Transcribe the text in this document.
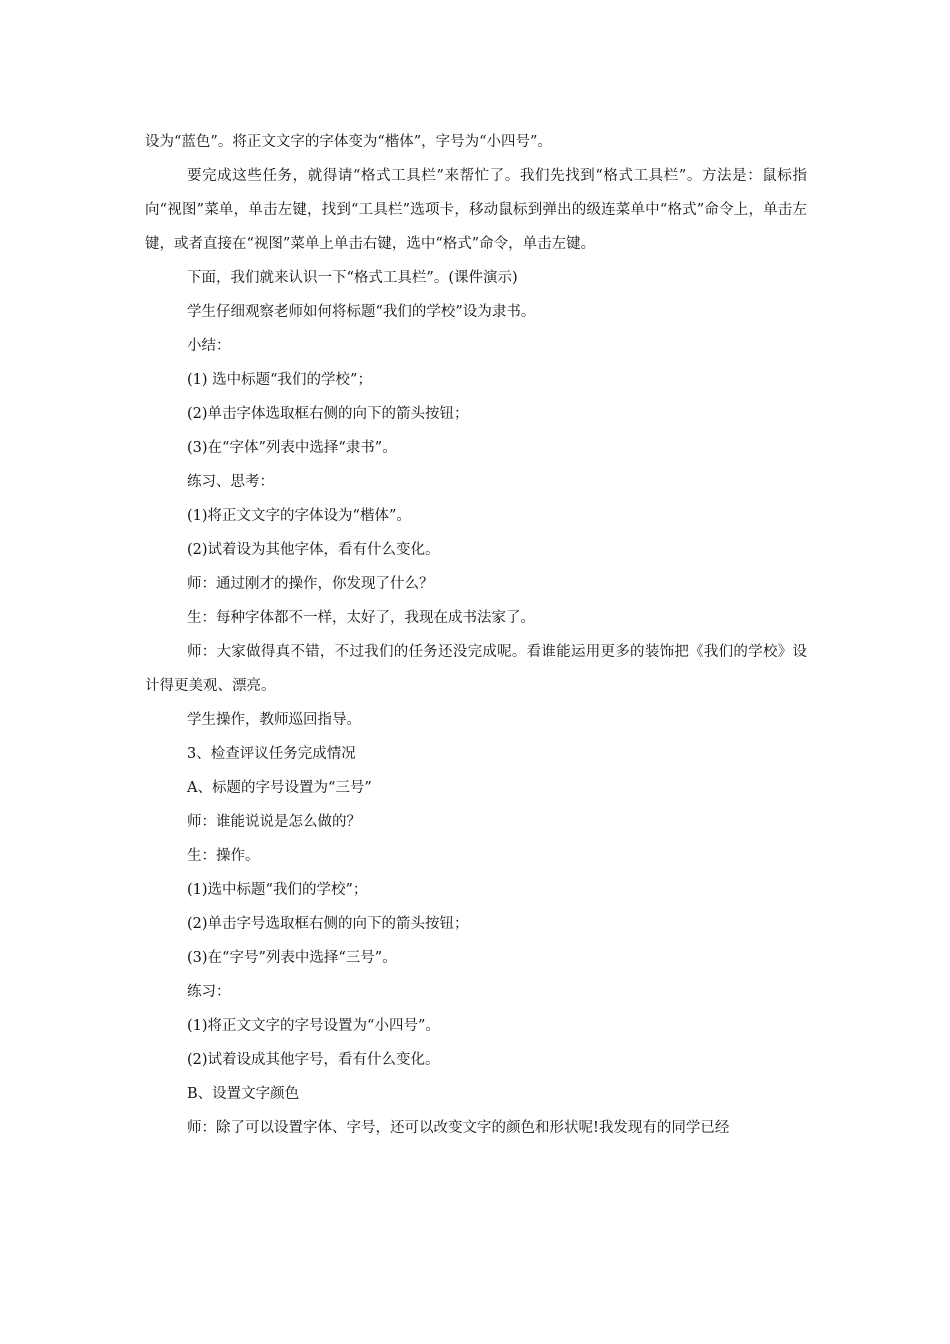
设为“蓝色”。将正文文字的字体变为“楷体”，字号为“小四号”。

要完成这些任务，就得请“格式工具栏”来帮忙了。我们先找到“格式工具栏”。方法是：鼠标指向“视图”菜单，单击左键，找到“工具栏”选项卡，移动鼠标到弹出的级连菜单中“格式”命令上，单击左键，或者直接在“视图”菜单上单击右键，选中“格式”命令，单击左键。

下面，我们就来认识一下“格式工具栏”。(课件演示)

学生仔细观察老师如何将标题“我们的学校”设为隶书。

小结：

(1) 选中标题“我们的学校”；

(2)单击字体选取框右侧的向下的箭头按钮；

(3)在“字体”列表中选择“隶书”。

练习、思考：

(1)将正文文字的字体设为“楷体”。

(2)试着设为其他字体，看有什么变化。

师：通过刚才的操作，你发现了什么？

生：每种字体都不一样，太好了，我现在成书法家了。

师：大家做得真不错，不过我们的任务还没完成呢。看谁能运用更多的装饰把《我们的学校》设计得更美观、漂亮。

学生操作，教师巡回指导。

3、检查评议任务完成情况

A、标题的字号设置为“三号”

师：谁能说说是怎么做的？

生：操作。

(1)选中标题“我们的学校”；

(2)单击字号选取框右侧的向下的箭头按钮；

(3)在“字号”列表中选择“三号”。

练习：

(1)将正文文字的字号设置为“小四号”。

(2)试着设成其他字号，看有什么变化。

B、设置文字颜色

师：除了可以设置字体、字号，还可以改变文字的颜色和形状呢!我发现有的同学已经
